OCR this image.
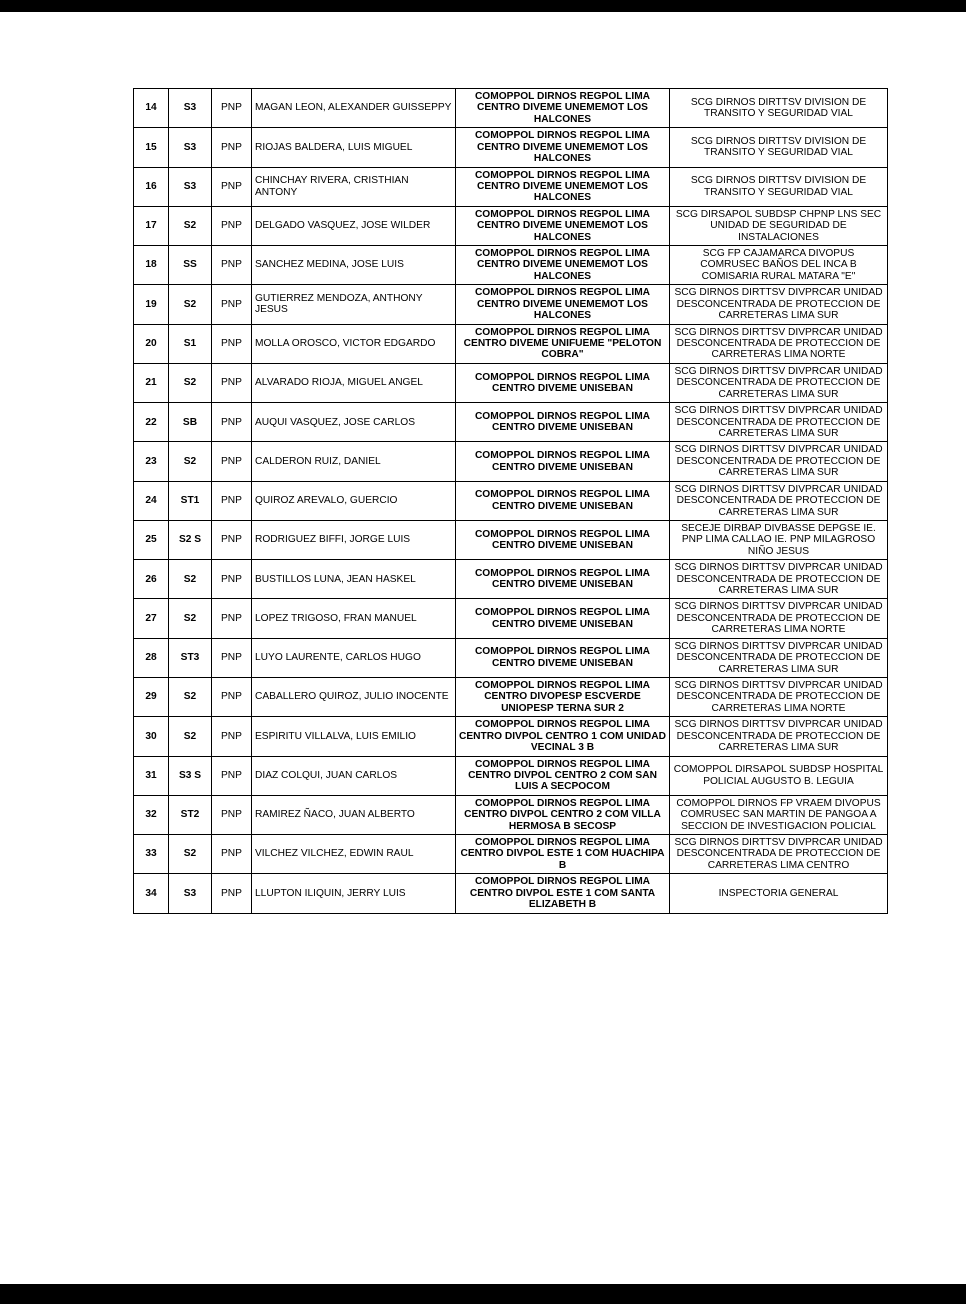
14	S3	PNP	MAGAN LEON, ALEXANDER GUISSEPPY	COMOPPOL DIRNOS REGPOL LIMA CENTRO DIVEME UNEMEMOT LOS HALCONES	SCG DIRNOS DIRTTSV DIVISION DE TRANSITO Y SEGURIDAD VIAL
15	S3	PNP	RIOJAS BALDERA, LUIS MIGUEL	COMOPPOL DIRNOS REGPOL LIMA CENTRO DIVEME UNEMEMOT LOS HALCONES	SCG DIRNOS DIRTTSV DIVISION DE TRANSITO Y SEGURIDAD VIAL
16	S3	PNP	CHINCHAY RIVERA, CRISTHIAN ANTONY	COMOPPOL DIRNOS REGPOL LIMA CENTRO DIVEME UNEMEMOT LOS HALCONES	SCG DIRNOS DIRTTSV DIVISION DE TRANSITO Y SEGURIDAD VIAL
17	S2	PNP	DELGADO VASQUEZ, JOSE WILDER	COMOPPOL DIRNOS REGPOL LIMA CENTRO DIVEME UNEMEMOT LOS HALCONES	SCG DIRSAPOL SUBDSP CHPNP LNS SEC UNIDAD DE SEGURIDAD DE INSTALACIONES
18	SS	PNP	SANCHEZ MEDINA, JOSE LUIS	COMOPPOL DIRNOS REGPOL LIMA CENTRO DIVEME UNEMEMOT LOS HALCONES	SCG FP CAJAMARCA DIVOPUS COMRUSEC BAÑOS DEL INCA B COMISARIA RURAL MATARA "E"
19	S2	PNP	GUTIERREZ MENDOZA, ANTHONY JESUS	COMOPPOL DIRNOS REGPOL LIMA CENTRO DIVEME UNEMEMOT LOS HALCONES	SCG DIRNOS DIRTTSV DIVPRCAR UNIDAD DESCONCENTRADA DE PROTECCION DE CARRETERAS LIMA SUR
20	S1	PNP	MOLLA OROSCO, VICTOR EDGARDO	COMOPPOL DIRNOS REGPOL LIMA CENTRO DIVEME UNIFUEME "PELOTON COBRA"	SCG DIRNOS DIRTTSV DIVPRCAR UNIDAD DESCONCENTRADA DE PROTECCION DE CARRETERAS LIMA NORTE
21	S2	PNP	ALVARADO RIOJA, MIGUEL ANGEL	COMOPPOL DIRNOS REGPOL LIMA CENTRO DIVEME UNISEBAN	SCG DIRNOS DIRTTSV DIVPRCAR UNIDAD DESCONCENTRADA DE PROTECCION DE CARRETERAS LIMA SUR
22	SB	PNP	AUQUI VASQUEZ, JOSE CARLOS	COMOPPOL DIRNOS REGPOL LIMA CENTRO DIVEME UNISEBAN	SCG DIRNOS DIRTTSV DIVPRCAR UNIDAD DESCONCENTRADA DE PROTECCION DE CARRETERAS LIMA SUR
23	S2	PNP	CALDERON RUIZ, DANIEL	COMOPPOL DIRNOS REGPOL LIMA CENTRO DIVEME UNISEBAN	SCG DIRNOS DIRTTSV DIVPRCAR UNIDAD DESCONCENTRADA DE PROTECCION DE CARRETERAS LIMA SUR
24	ST1	PNP	QUIROZ AREVALO, GUERCIO	COMOPPOL DIRNOS REGPOL LIMA CENTRO DIVEME UNISEBAN	SCG DIRNOS DIRTTSV DIVPRCAR UNIDAD DESCONCENTRADA DE PROTECCION DE CARRETERAS LIMA SUR
25	S2 S	PNP	RODRIGUEZ BIFFI, JORGE LUIS	COMOPPOL DIRNOS REGPOL LIMA CENTRO DIVEME UNISEBAN	SECEJE DIRBAP DIVBASSE DEPGSE IE. PNP LIMA CALLAO IE. PNP MILAGROSO NIÑO JESUS
26	S2	PNP	BUSTILLOS LUNA, JEAN HASKEL	COMOPPOL DIRNOS REGPOL LIMA CENTRO DIVEME UNISEBAN	SCG DIRNOS DIRTTSV DIVPRCAR UNIDAD DESCONCENTRADA DE PROTECCION DE CARRETERAS LIMA SUR
27	S2	PNP	LOPEZ TRIGOSO, FRAN MANUEL	COMOPPOL DIRNOS REGPOL LIMA CENTRO DIVEME UNISEBAN	SCG DIRNOS DIRTTSV DIVPRCAR UNIDAD DESCONCENTRADA DE PROTECCION DE CARRETERAS LIMA NORTE
28	ST3	PNP	LUYO LAURENTE, CARLOS HUGO	COMOPPOL DIRNOS REGPOL LIMA CENTRO DIVEME UNISEBAN	SCG DIRNOS DIRTTSV DIVPRCAR UNIDAD DESCONCENTRADA DE PROTECCION DE CARRETERAS LIMA SUR
29	S2	PNP	CABALLERO QUIROZ, JULIO INOCENTE	COMOPPOL DIRNOS REGPOL LIMA CENTRO DIVOPESP ESCVERDE UNIOPESP TERNA SUR 2	SCG DIRNOS DIRTTSV DIVPRCAR UNIDAD DESCONCENTRADA DE PROTECCION DE CARRETERAS LIMA NORTE
30	S2	PNP	ESPIRITU VILLALVA, LUIS EMILIO	COMOPPOL DIRNOS REGPOL LIMA CENTRO DIVPOL CENTRO 1 COM UNIDAD VECINAL 3 B	SCG DIRNOS DIRTTSV DIVPRCAR UNIDAD DESCONCENTRADA DE PROTECCION DE CARRETERAS LIMA SUR
31	S3 S	PNP	DIAZ COLQUI, JUAN CARLOS	COMOPPOL DIRNOS REGPOL LIMA CENTRO DIVPOL CENTRO 2 COM SAN LUIS A SECPOCOM	COMOPPOL DIRSAPOL SUBDSP HOSPITAL POLICIAL AUGUSTO B. LEGUIA
32	ST2	PNP	RAMIREZ ÑACO, JUAN ALBERTO	COMOPPOL DIRNOS REGPOL LIMA CENTRO DIVPOL CENTRO 2 COM VILLA HERMOSA B SECOSP	COMOPPOL DIRNOS FP VRAEM DIVOPUS COMRUSEC SAN MARTIN DE PANGOA A SECCION DE INVESTIGACION POLICIAL
33	S2	PNP	VILCHEZ VILCHEZ, EDWIN RAUL	COMOPPOL DIRNOS REGPOL LIMA CENTRO DIVPOL ESTE 1 COM HUACHIPA B	SCG DIRNOS DIRTTSV DIVPRCAR UNIDAD DESCONCENTRADA DE PROTECCION DE CARRETERAS LIMA CENTRO
34	S3	PNP	LLUPTON ILIQUIN, JERRY LUIS	COMOPPOL DIRNOS REGPOL LIMA CENTRO DIVPOL ESTE 1 COM SANTA ELIZABETH B	INSPECTORIA GENERAL
